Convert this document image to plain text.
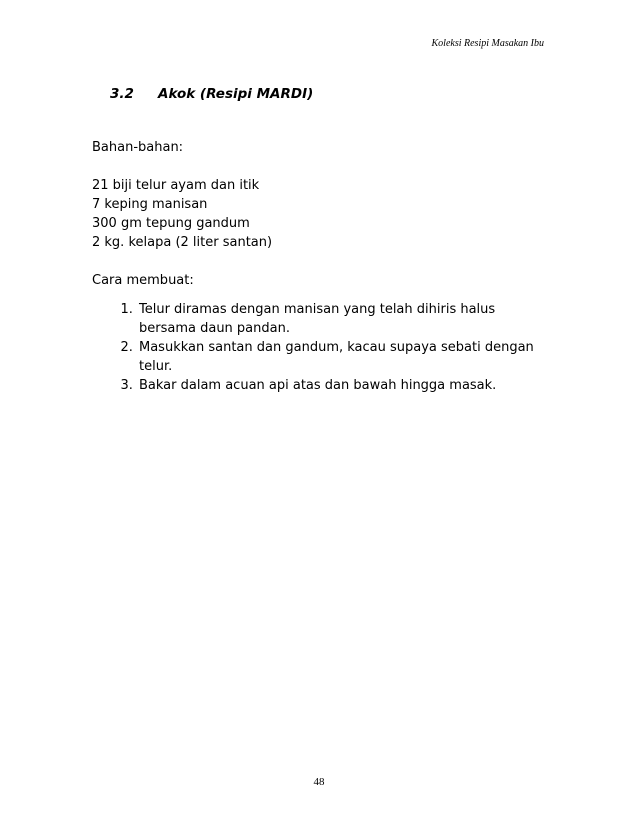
Koleksi Resipi Masakan Ibu
3.2 Akok (Resipi MARDI)

Bahan-bahan:

21 biji telur ayam dan itik

7 keping manisan

300 gm tepung gandum

2 kg. kelapa (2 liter santan)

Cara membuat:

1. Telur diramas dengan manisan yang telah dihiris halus bersama daun pandan.
2. Masukkan santan dan gandum, kacau supaya sebati dengan telur.
3. Bakar dalam acuan api atas dan bawah hingga masak.
48
